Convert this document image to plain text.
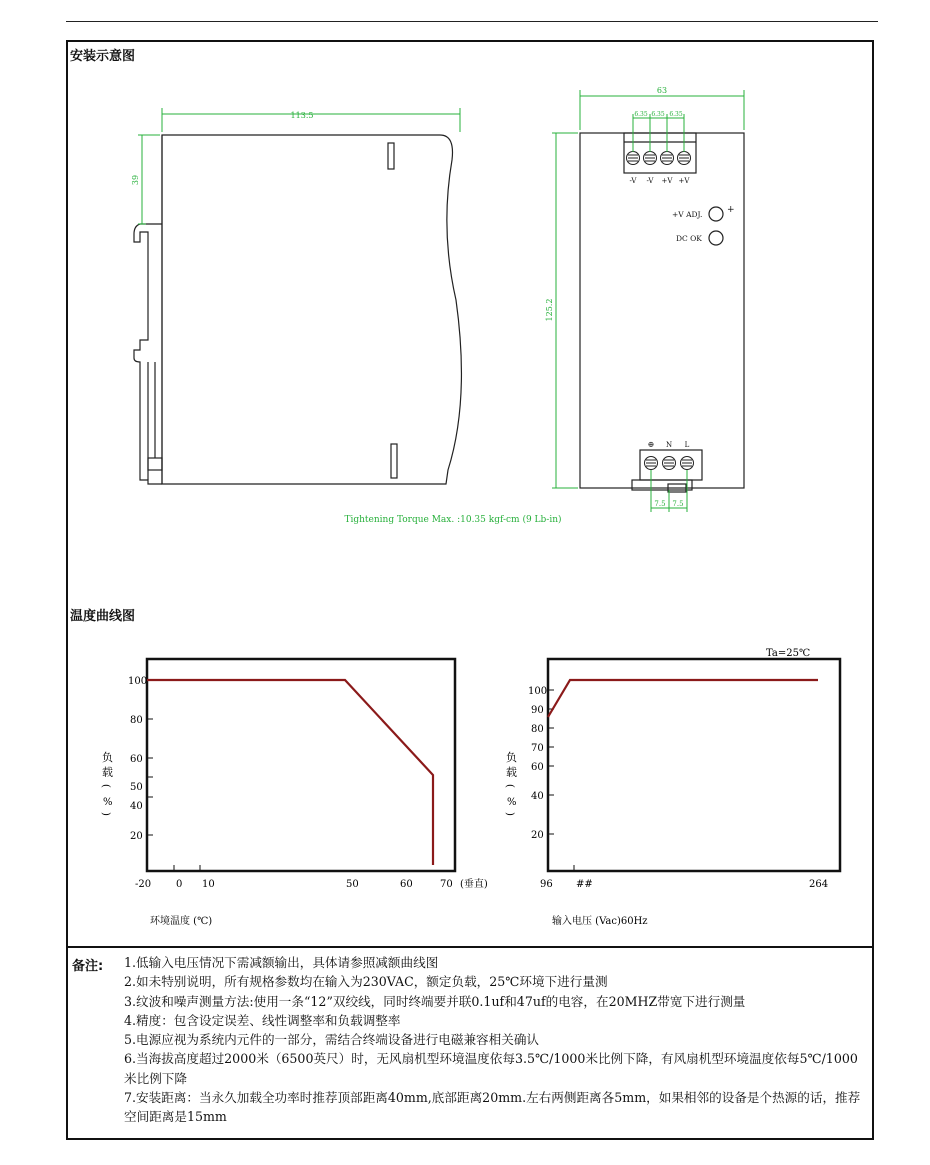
安装示意图
温度曲线图
113.5
39	-V -V +V +V
+
+V ADJ.
DC OK
⊕ N L
63
6.35 6.35 6.35
125.2
7.5 7.5
Tightening Torque Max. :10.35 kgf-cm (9 Lb-in)
100
80
60
50
40
20
-20 0 10	50	60	70 (垂直)
负
载
(
%
)
环境温度 (℃)
Ta=25℃
100
90
80
70
60
40
20
96 ##	264
负
载
(
%
)
输入电压 (Vac)60Hz
备注: 1.低输入电压情况下需减额输出，具体请参照减额曲线图
2.如未特别说明，所有规格参数均在输入为230VAC，额定负载，25℃环境下进行量测
3.纹波和噪声测量方法:使用一条“12”双绞线，同时终端要并联0.1uf和47uf的电容，在20MHZ带宽下进行测量
4.精度：包含设定误差、线性调整率和负载调整率
5.电源应视为系统内元件的一部分，需结合终端设备进行电磁兼容相关确认
6.当海拔高度超过2000米（6500英尺）时，无风扇机型环境温度依每3.5℃/1000米比例下降，有风扇机型环境温度依每5℃/1000米比例下降
7.安装距离：当永久加载全功率时推荐顶部距离40mm,底部距离20mm.左右两侧距离各5mm，如果相邻的设备是个热源的话，推荐空间距离是15mm
